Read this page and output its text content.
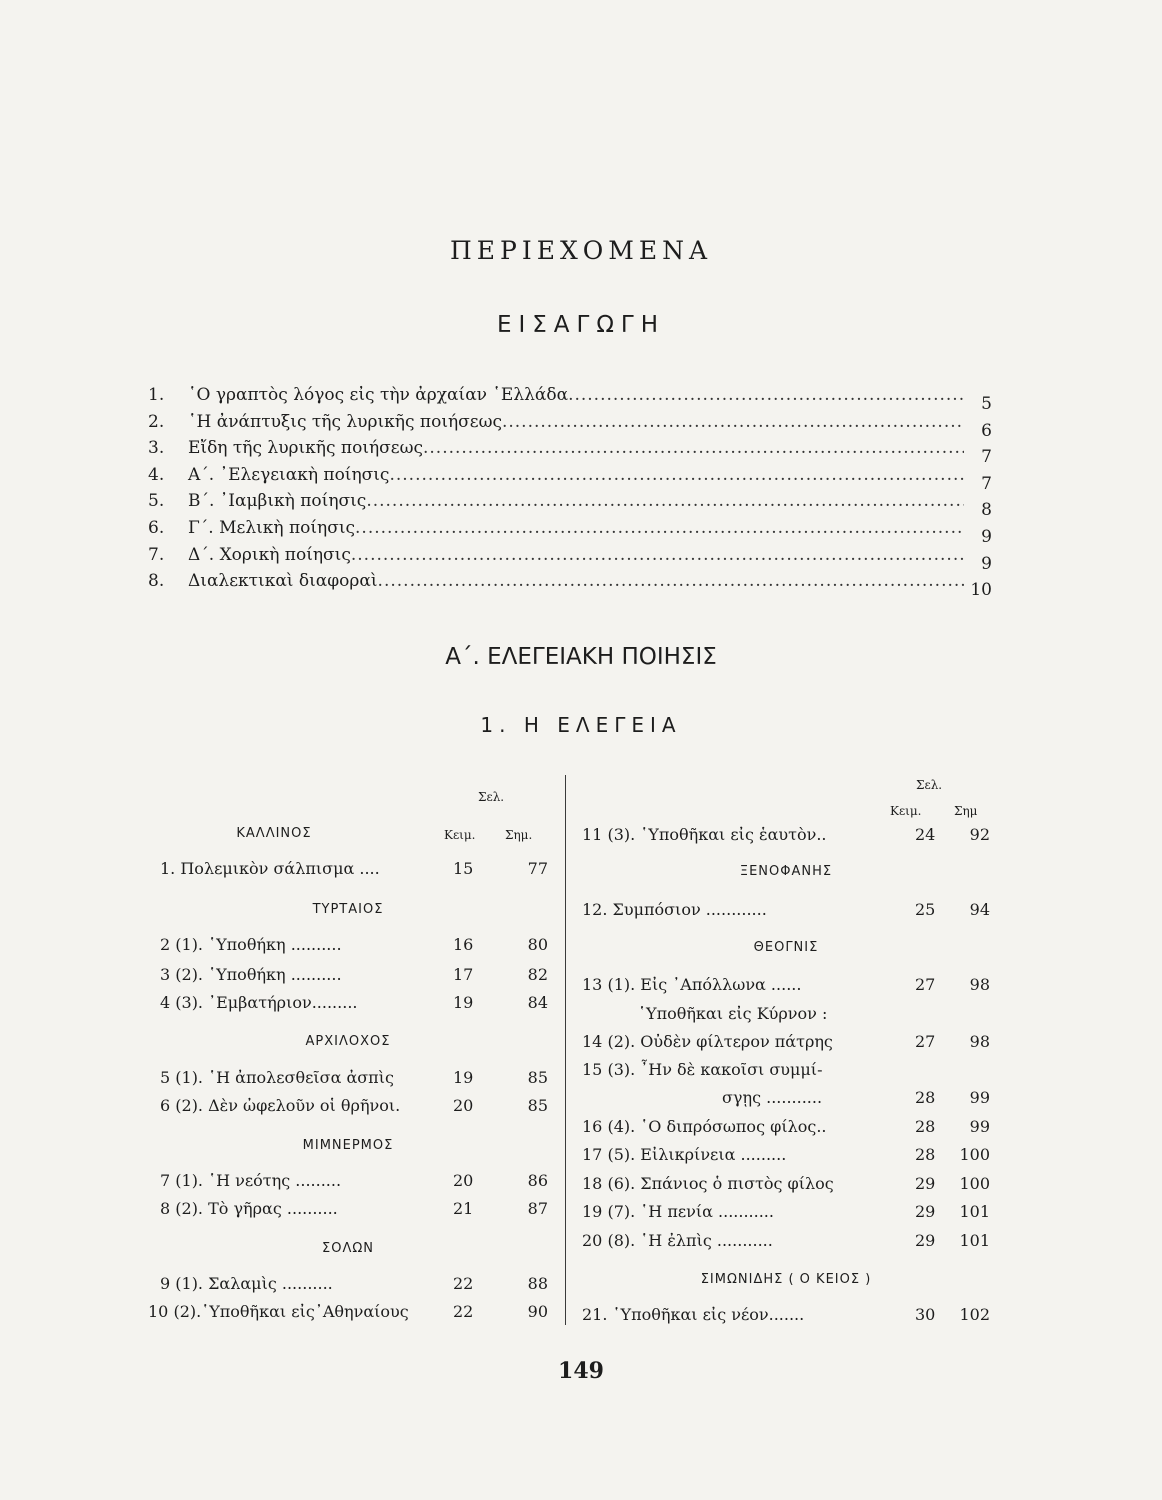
ΠΕΡΙΕΧΟΜΕΝΑ
ΕΙΣΑΓΩΓΗ
1.	῾Ο γραπτὸς λόγος εἰς τὴν ἀρχαίαν ῾Ελλάδα .....	5
2.	῾Η ἀνάπτυξις τῆς λυρικῆς ποιήσεως .....	6
3.	Εἴδη τῆς λυρικῆς ποιήσεως .....	7
4.	Α΄. ᾿Ελεγειακὴ ποίησις .....	7
5.	Β΄. ᾿Ιαμβικὴ ποίησις .....	8
6.	Γ΄. Μελικὴ ποίησις .....	9
7.	Δ΄. Χορικὴ ποίησις .....	9
8.	Διαλεκτικαὶ διαφοραὶ .....	10
Α΄. ΕΛΕΓΕΙΑΚΗ ΠΟΙΗΣΙΣ
1. Η ΕΛΕΓΕΙΑ
Σελ.
ΚΑΛΛΙΝΟΣ	Κειμ. Σημ.
1. Πολεμικὸν σάλπισμα ....	15	77
ΤΥΡΤΑΙΟΣ
2 (1). ῾Υποθήκη ..........	16	80
3 (2). ῾Υποθήκη ..........	17	82
4 (3). ᾿Εμβατήριον.........	19	84
ΑΡΧΙΛΟΧΟΣ
5 (1). ῾Η ἀπολεσθεῖσα ἀσπὶς	19	85
6 (2). Δὲν ὠφελοῦν οἱ θρῆνοι.	20	85
ΜΙΜΝΕΡΜΟΣ
7 (1). ῾Η νεότης .........	20	86
8 (2). Τὸ γῆρας ..........	21	87
ΣΟΛΩΝ
9 (1). Σαλαμὶς ..........	22	88
10 (2).῾Υποθῆκαι εἰς᾿Αθηναίους	22	90
Σελ.
Κειμ.	Σημ
11 (3). ῾Υποθῆκαι εἰς ἑαυτὸν..	24 92
ΞΕΝΟΦΑΝΗΣ
12. Συμπόσιον ............	25 94
ΘΕΟΓΝΙΣ
13 (1). Εἰς ᾿Απόλλωνα ......	27 98
῾Υποθῆκαι εἰς Κύρνον :
14 (2). Οὐδὲν φίλτερον πάτρης	27 98
15 (3). ῏Ην δὲ κακοῖσι συμμί-
σγῃς ...........	28 99
16 (4). ῾Ο διπρόσωπος φίλος..	28 99
17 (5). Εἰλικρίνεια .........	28 100
18 (6). Σπάνιος ὁ πιστὸς φίλος	29 100
19 (7). ῾Η πενία ...........	29 101
20 (8). ῾Η ἐλπὶς ...........	29 101
ΣΙΜΩΝΙΔΗΣ ( Ο ΚΕΙΟΣ )
21. ῾Υποθῆκαι εἰς νέον.......	30 102
149
